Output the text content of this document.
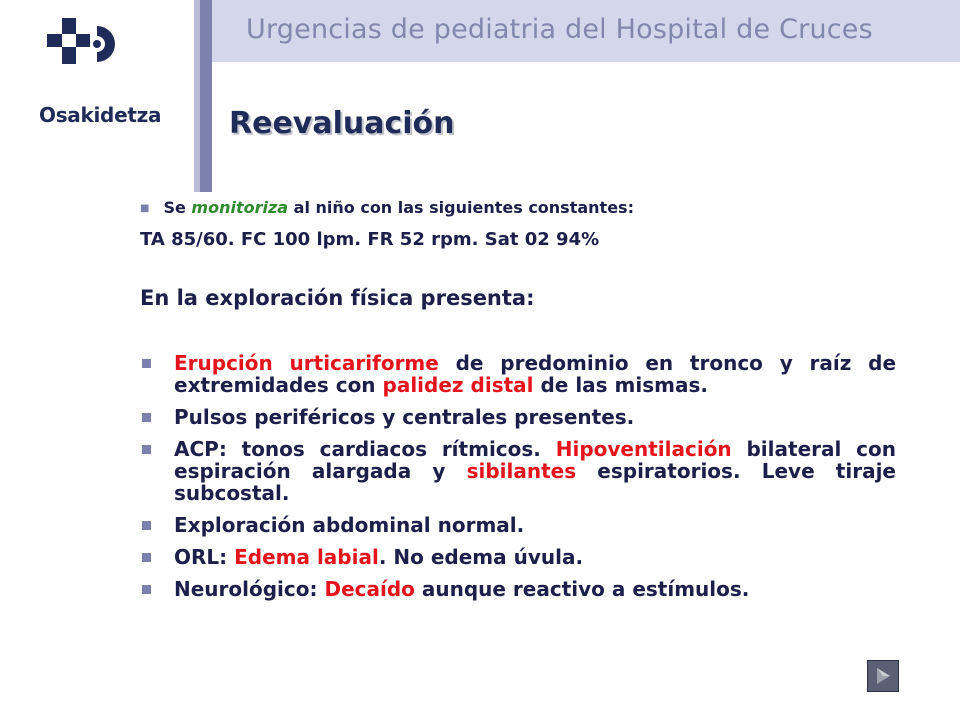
Urgencias de pediatria del Hospital de Cruces
Osakidetza Reevaluación
■ Se monitoriza al niño con las siguientes constantes:
TA 85/60. FC 100 lpm. FR 52 rpm. Sat 02 94%
En la exploración física presenta:
Erupción urticariforme de predominio en tronco y raíz de extremidades con palidez distal de las mismas.
Pulsos periféricos y centrales presentes.
ACP: tonos cardiacos rítmicos. Hipoventilación bilateral con espiración alargada y sibilantes espiratorios. Leve tiraje subcostal.
Exploración abdominal normal.
ORL: Edema labial. No edema úvula.
Neurológico: Decaído aunque reactivo a estímulos.
